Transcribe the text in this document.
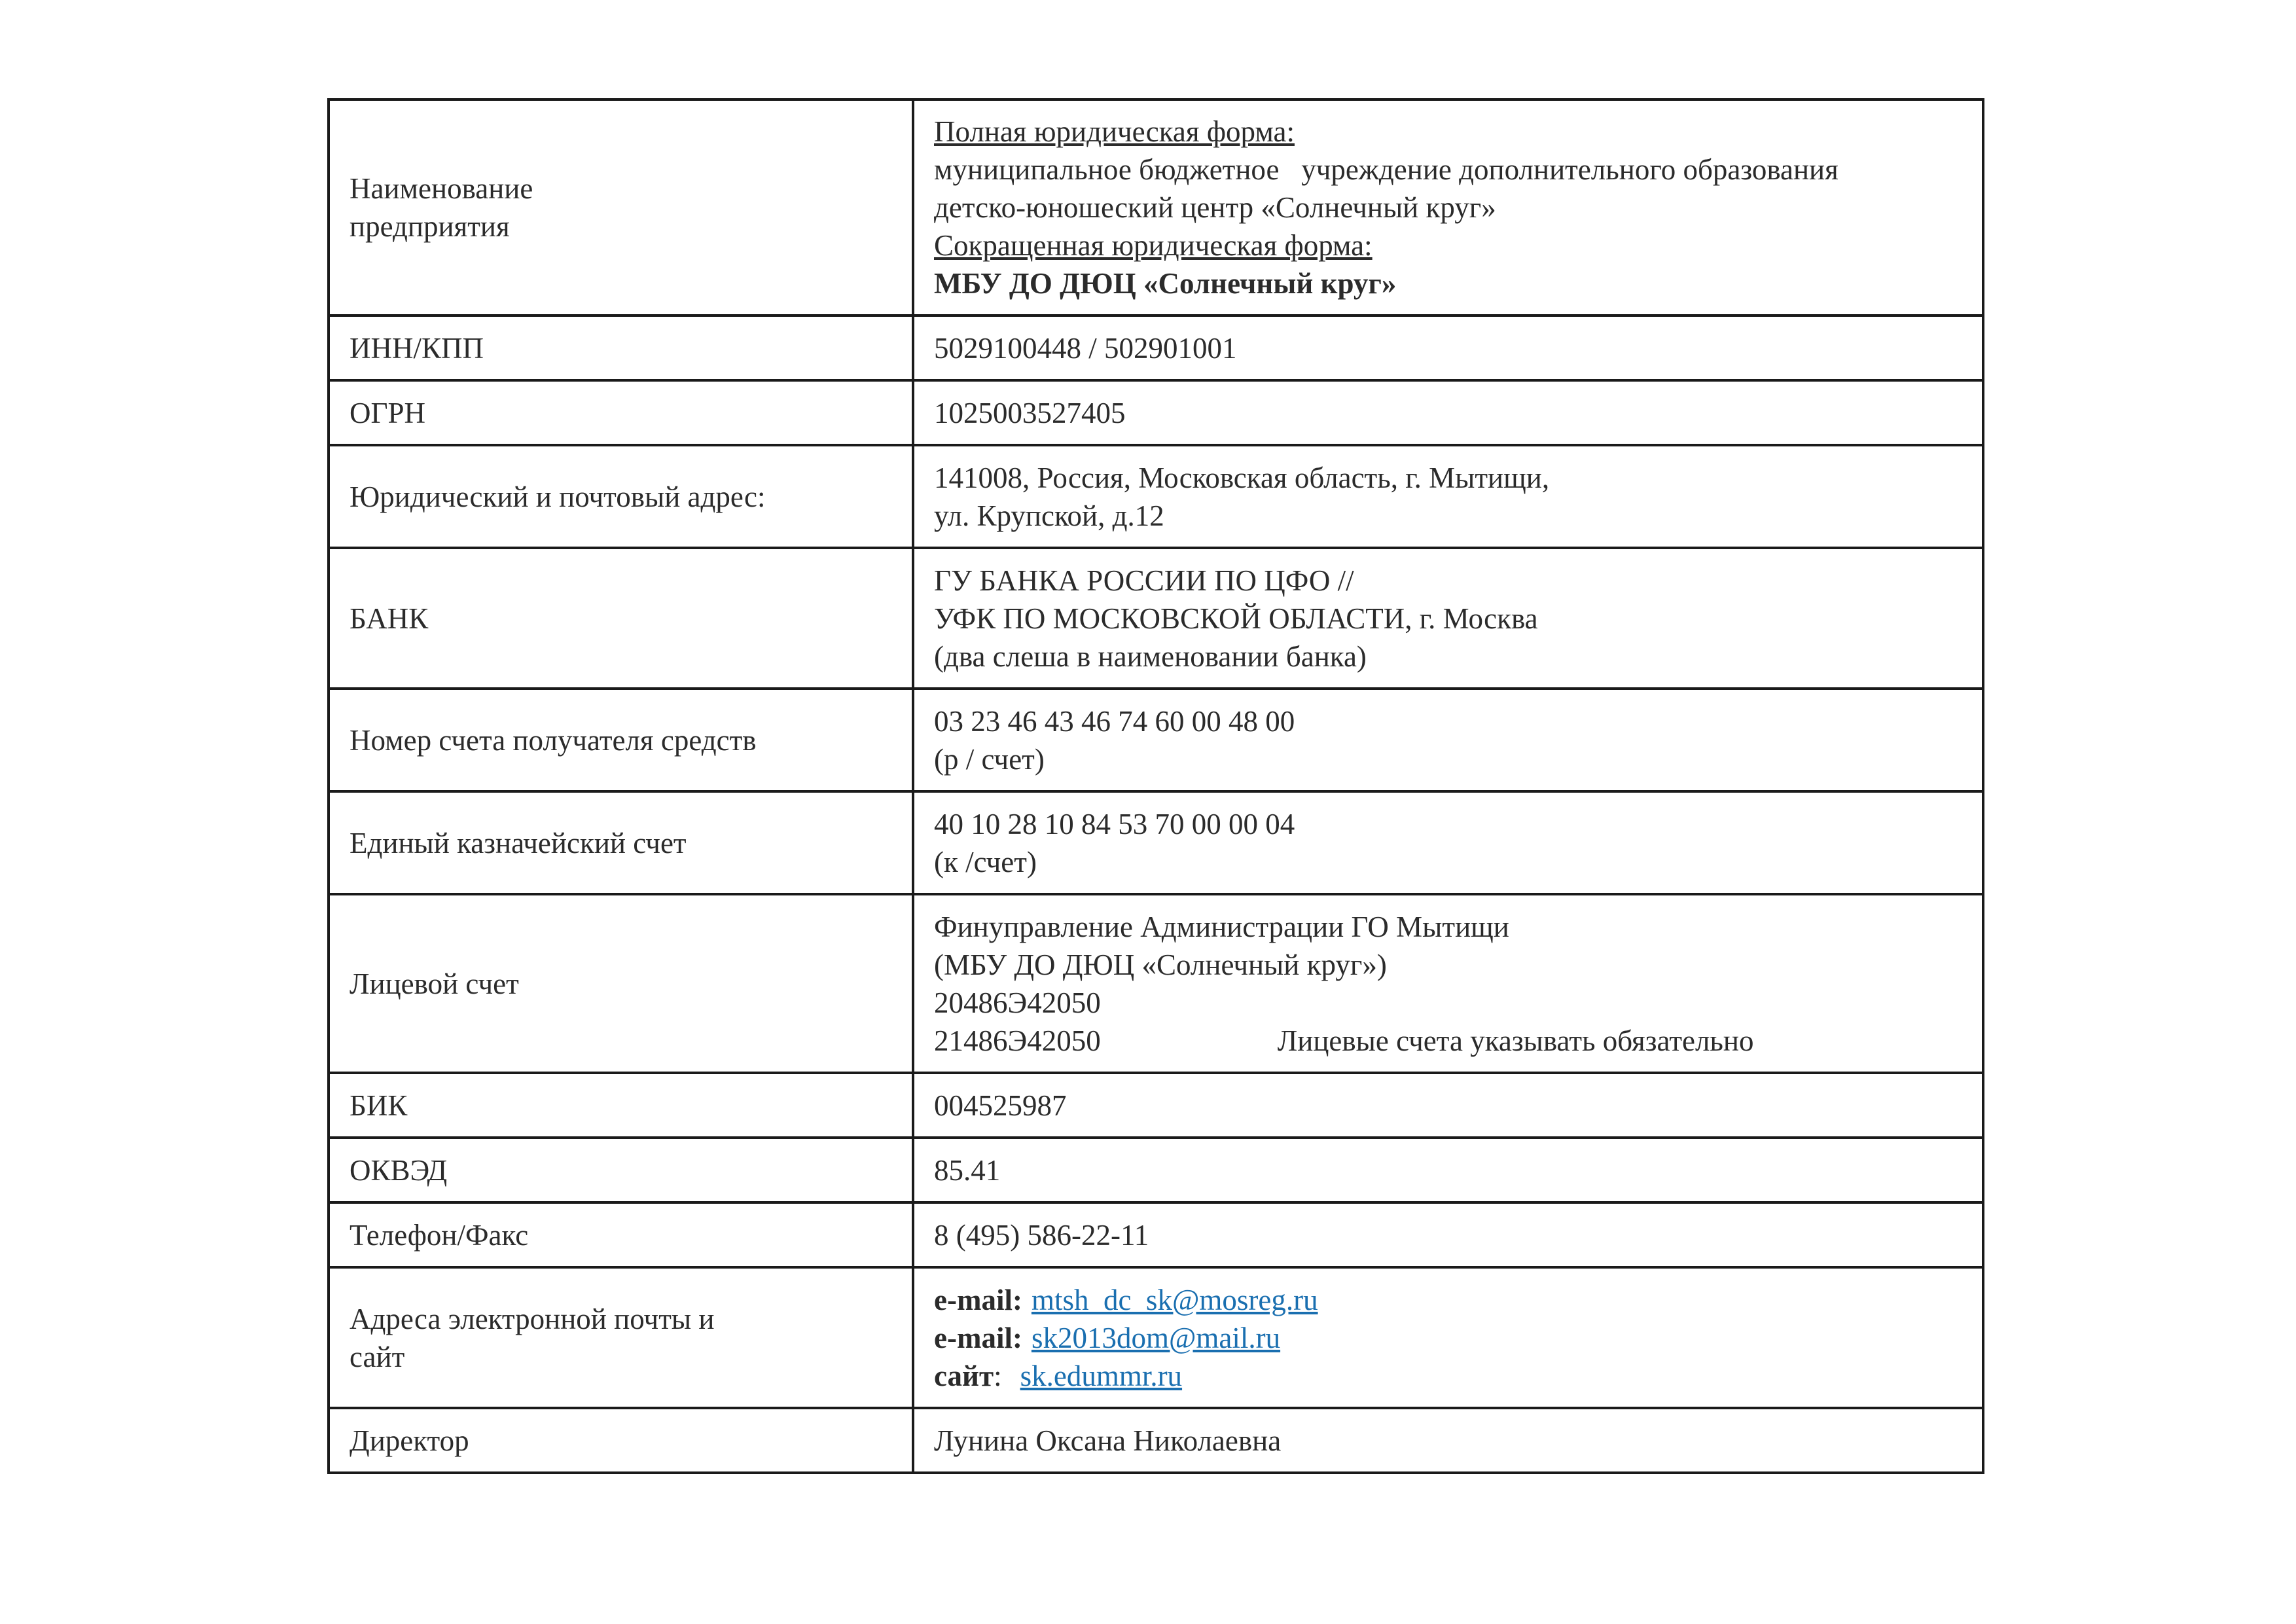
Наименование
предприятия	Полная юридическая форма:
муниципальное бюджетное   учреждение дополнительного образования
детско-юношеский центр «Солнечный круг»
Сокращенная юридическая форма:
МБУ ДО ДЮЦ «Солнечный круг»

ИНН/КПП	5029100448 / 502901001
ОГРН	1025003527405
Юридический и почтовый адрес:	141008, Россия, Московская область, г. Мытищи,
ул. Крупской, д.12

БАНК	ГУ БАНКА РОССИИ ПО ЦФО //
УФК ПО МОСКОВСКОЙ ОБЛАСТИ, г. Москва
(два слеша в наименовании банка)

Номер счета получателя средств	03 23 46 43 46 74 60 00 48 00
(р / счет)

Единый казначейский счет	40 10 28 10 84 53 70 00 00 04
(к /счет)

Лицевой счет	Финуправление Администрации ГО Мытищи
(МБУ ДО ДЮЦ «Солнечный круг»)
20486Э42050
21486Э42050 Лицевые счета указывать обязательно

БИК	004525987
ОКВЭД	85.41
Телефон/Факс	8 (495) 586-22-11

Адреса электронной почты и
сайт	e-mail: mtsh_dc_sk@mosreg.ru
e-mail: sk2013dom@mail.ru
сайт: sk.edummr.ru

Директор	Лунина Оксана Николаевна
